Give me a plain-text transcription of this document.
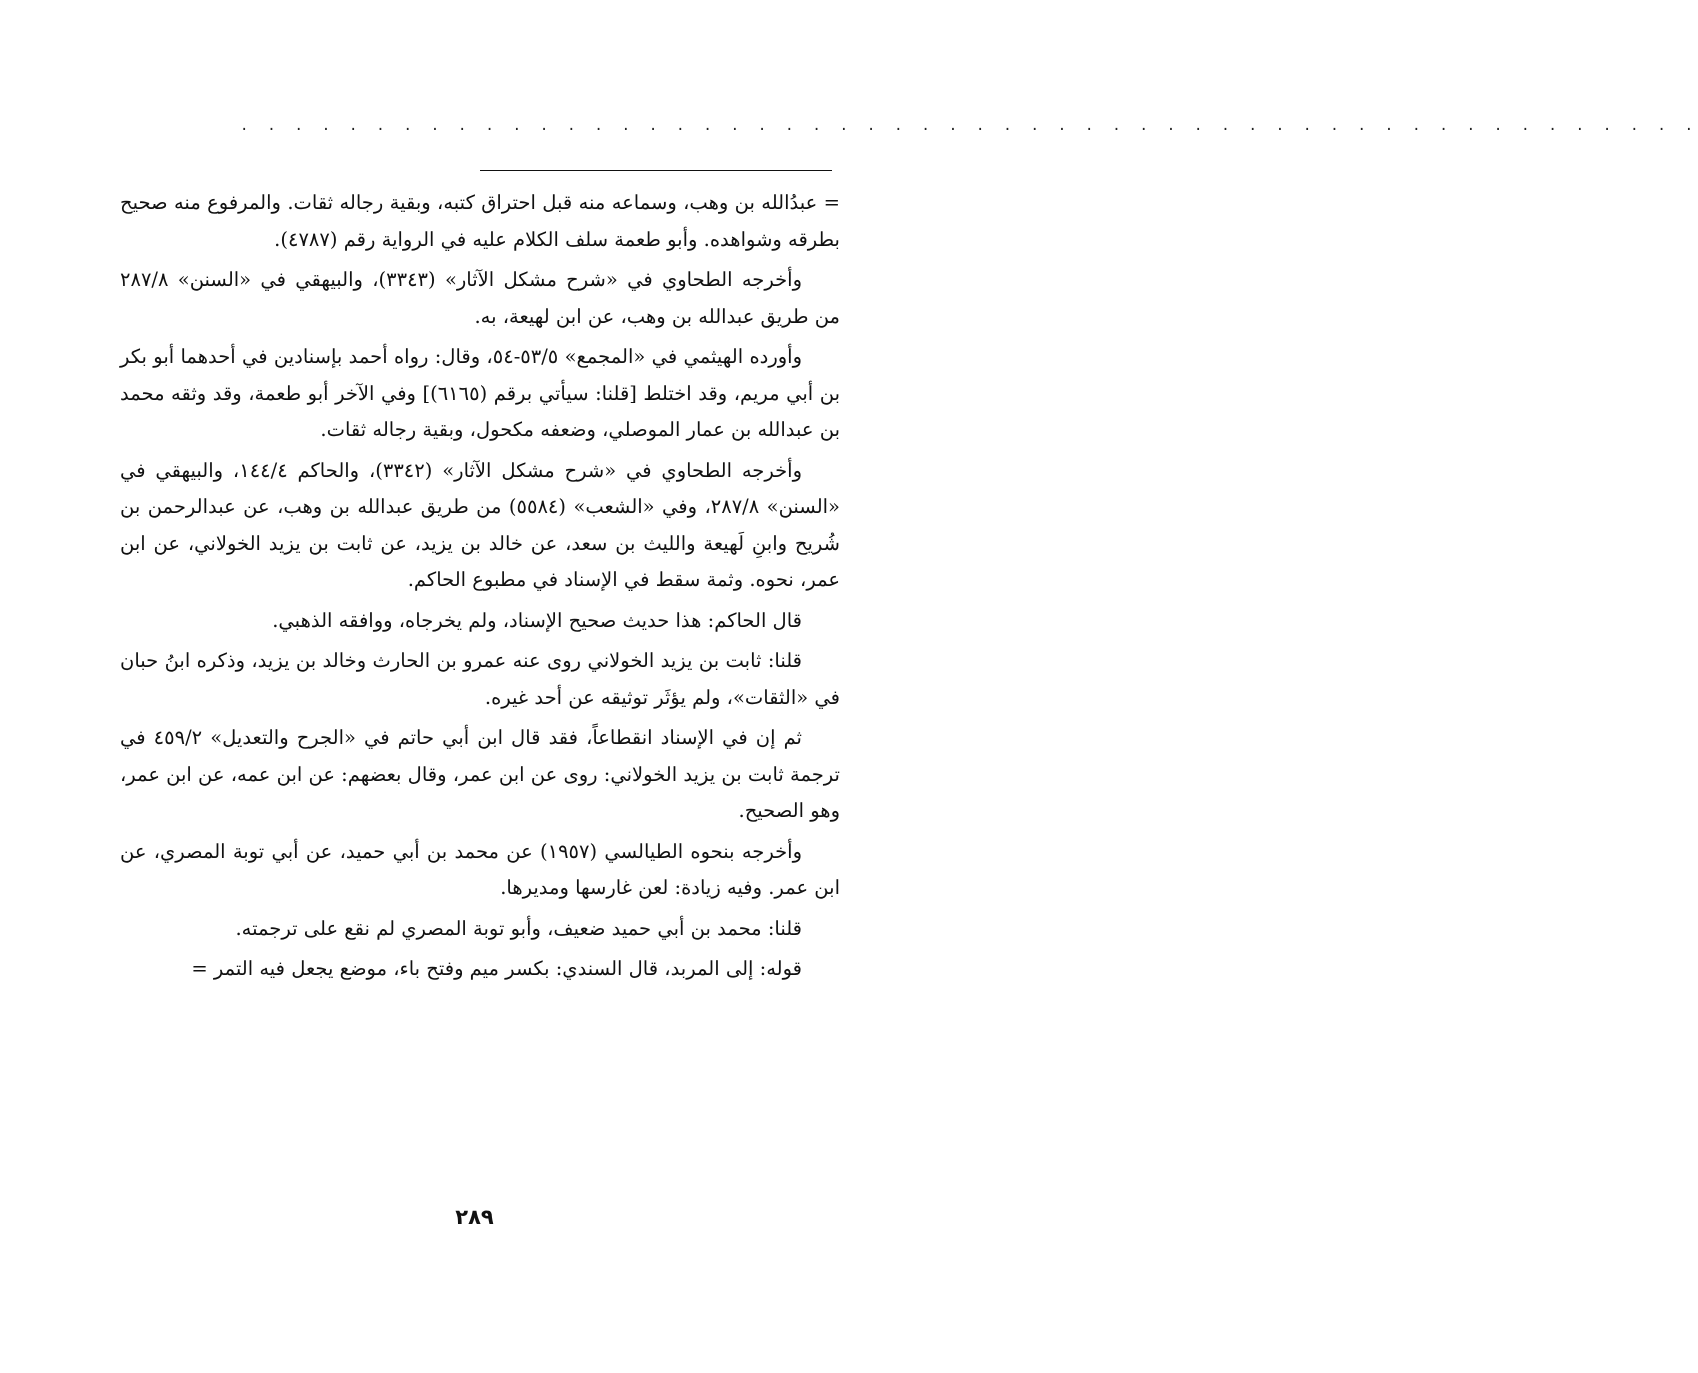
. . . . . . . . . . . . . . . . . . . . . . . . . . . . . . . . . . . . . . . . . . . . . . . . . . . . . .

= عبدُالله بن وهب، وسماعه منه قبل احتراق كتبه، وبقية رجاله ثقات. والمرفوع منه صحيح بطرقه وشواهده. وأبو طعمة سلف الكلام عليه في الرواية رقم (٤٧٨٧).

وأخرجه الطحاوي في «شرح مشكل الآثار» (٣٣٤٣)، والبيهقي في «السنن» ٢٨٧/٨ من طريق عبدالله بن وهب، عن ابن لهيعة، به.

وأورده الهيثمي في «المجمع» ٥٣/٥-٥٤، وقال: رواه أحمد بإسنادين في أحدهما أبو بكر بن أبي مريم، وقد اختلط [قلنا: سيأتي برقم (٦١٦٥)] وفي الآخر أبو طعمة، وقد وثقه محمد بن عبدالله بن عمار الموصلي، وضعفه مكحول، وبقية رجاله ثقات.

وأخرجه الطحاوي في «شرح مشكل الآثار» (٣٣٤٢)، والحاكم ١٤٤/٤، والبيهقي في «السنن» ٢٨٧/٨، وفي «الشعب» (٥٥٨٤) من طريق عبدالله بن وهب، عن عبدالرحمن بن شُريح وابنِ لَهيعة والليث بن سعد، عن خالد بن يزيد، عن ثابت بن يزيد الخولاني، عن ابن عمر، نحوه. وثمة سقط في الإسناد في مطبوع الحاكم.

قال الحاكم: هذا حديث صحيح الإسناد، ولم يخرجاه، ووافقه الذهبي.

قلنا: ثابت بن يزيد الخولاني روى عنه عمرو بن الحارث وخالد بن يزيد، وذكره ابنُ حبان في «الثقات»، ولم يؤثَر توثيقه عن أحد غيره.

ثم إن في الإسناد انقطاعاً، فقد قال ابن أبي حاتم في «الجرح والتعديل» ٤٥٩/٢ في ترجمة ثابت بن يزيد الخولاني: روى عن ابن عمر، وقال بعضهم: عن ابن عمه، عن ابن عمر، وهو الصحيح.

وأخرجه بنحوه الطيالسي (١٩٥٧) عن محمد بن أبي حميد، عن أبي توبة المصري، عن ابن عمر. وفيه زيادة: لعن غارسها ومديرها.

قلنا: محمد بن أبي حميد ضعيف، وأبو توبة المصري لم نقع على ترجمته.

قوله: إلى المربد، قال السندي: بكسر ميم وفتح باء، موضع يجعل فيه التمر =

٢٨٩
